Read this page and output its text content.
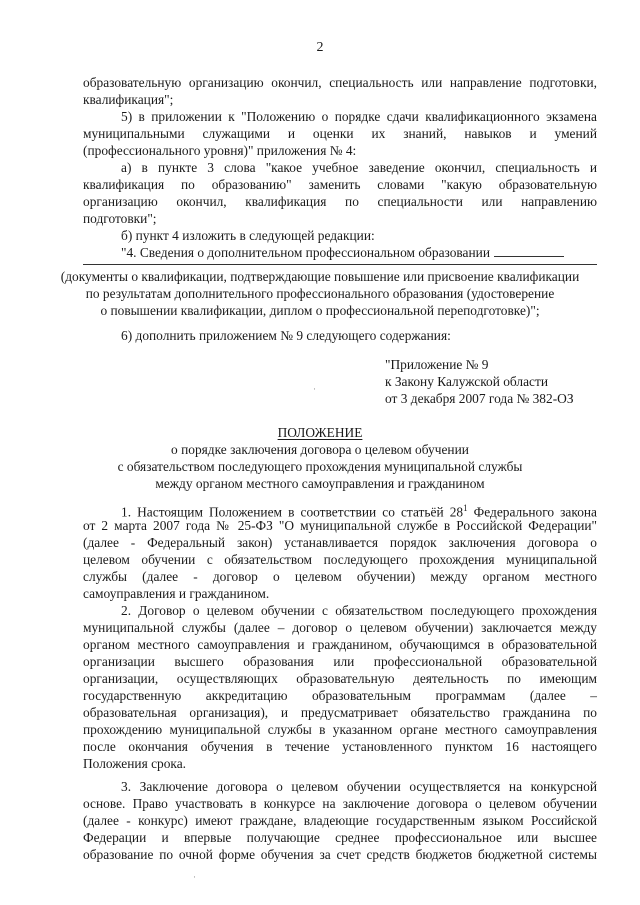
2
образовательную организацию окончил, специальность или направление подготовки,
квалификация";
5) в приложении к "Положению о порядке сдачи квалификационного экзамена
муниципальными служащими и оценки их знаний, навыков и умений
(профессионального уровня)" приложения № 4:
а) в пункте 3 слова "какое учебное заведение окончил, специальность и
квалификация по образованию" заменить словами "какую образовательную
организацию окончил, квалификация по специальности или направлению
подготовки";
б) пункт 4 изложить в следующей редакции:
"4. Сведения о дополнительном профессиональном образовании
(документы о квалификации, подтверждающие повышение или присвоение квалификации
по результатам дополнительного профессионального образования (удостоверение
о повышении квалификации, диплом о профессиональной переподготовке)";
6) дополнить приложением № 9 следующего содержания:
"Приложение № 9
к Закону Калужской области
от 3 декабря 2007 года № 382-ОЗ
ПОЛОЖЕНИЕ
о порядке заключения договора о целевом обучении
с обязательством последующего прохождения муниципальной службы
между органом местного самоуправления и гражданином
1. Настоящим Положением в соответствии со статьёй $28^1$ Федерального закона
от 2 марта 2007 года № 25-ФЗ "О муниципальной службе в Российской Федерации"
(далее - Федеральный закон) устанавливается порядок заключения договора о
целевом обучении с обязательством последующего прохождения муниципальной
службы (далее - договор о целевом обучении) между органом местного
самоуправления и гражданином.
2. Договор о целевом обучении с обязательством последующего прохождения
муниципальной службы (далее – договор о целевом обучении) заключается между
органом местного самоуправления и гражданином, обучающимся в образовательной
организации высшего образования или профессиональной образовательной
организации, осуществляющих образовательную деятельность по имеющим
государственную аккредитацию образовательным программам (далее –
образовательная организация), и предусматривает обязательство гражданина по
прохождению муниципальной службы в указанном органе местного самоуправления
после окончания обучения в течение установленного пунктом 16 настоящего
Положения срока.
3. Заключение договора о целевом обучении осуществляется на конкурсной
основе. Право участвовать в конкурсе на заключение договора о целевом обучении
(далее - конкурс) имеют граждане, владеющие государственным языком Российской
Федерации и впервые получающие среднее профессиональное или высшее
образование по очной форме обучения за счет средств бюджетов бюджетной системы
·
·
